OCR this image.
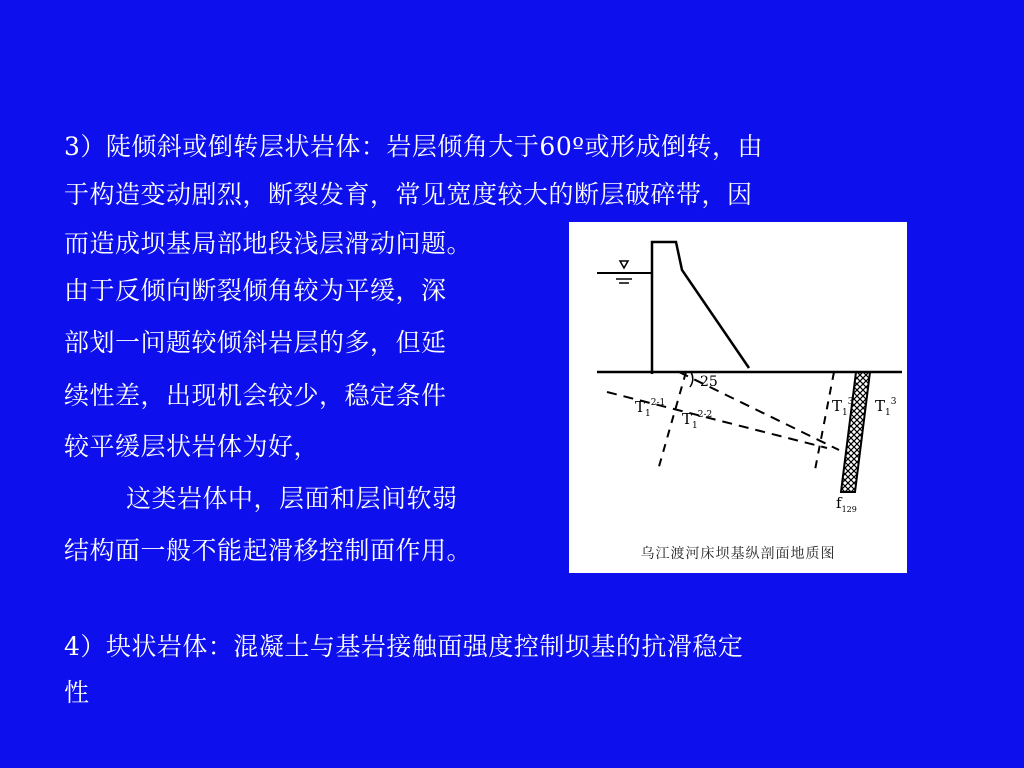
3）陡倾斜或倒转层状岩体：岩层倾角大于60º或形成倒转，由
于构造变动剧烈，断裂发育，常见宽度较大的断层破碎带，因
而造成坝基局部地段浅层滑动问题。
由于反倾向断裂倾角较为平缓，深
部划一问题较倾斜岩层的多，但延
续性差，出现机会较少，稳定条件
较平缓层状岩体为好，
这类岩体中，层面和层间软弱
结构面一般不能起滑移控制面作用。
4）块状岩体：混凝土与基岩接触面强度控制坝基的抗滑稳定
性
25
$T_1^{2-1}$
$T_1^{2-2}$	$T_1^3$ $T_1^3$
$f_{129}$
乌江渡河床坝基纵剖面地质图
